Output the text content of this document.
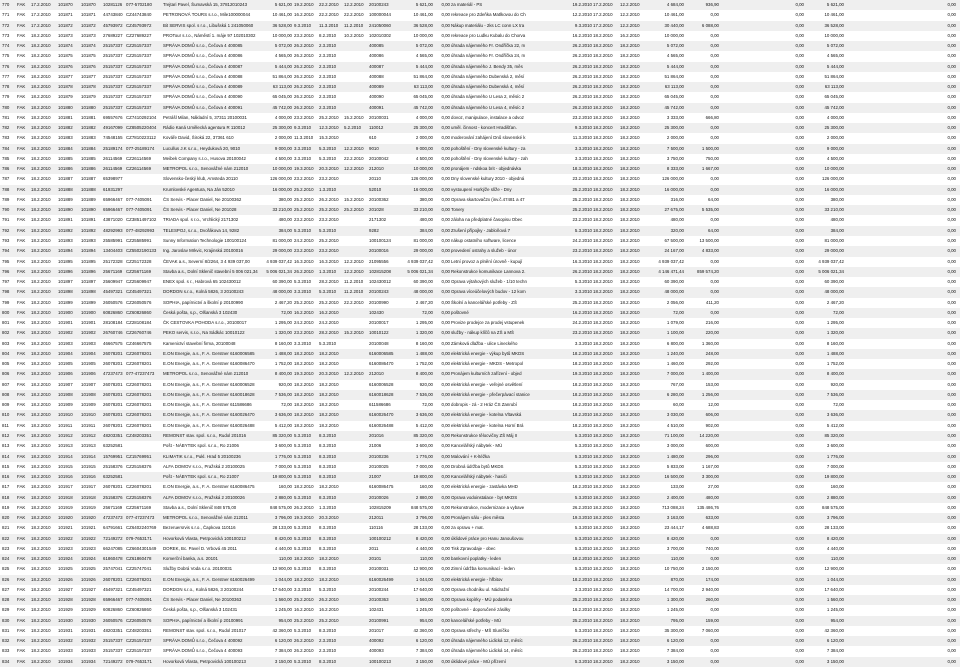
770	FAK	17.2.2010	101870	101870	10281126 077-5702180	Trejtari Pavel, Šumavská 15, 37812010243	5 621,00 19.2.2010	22.2.2010	12.2.2010	20100243	5 621,00	0,00 za materiál - PS	19.2.2010 17.2.2010	12.2.2010	4 684,00	936,90	0,00	5 621,00	0,00
771	FAK	17.2.2010	101871	101871	44743840 CZ44743840	PETRONOVÁ TOURS s.r.o., Mile100000044	10 461,00 16.2.2010	22.2.2010	22.2.2010	100000044	10 461,00	0,00 rekreace pro Zdeňka Matlkovou do Ch	12.2.2010 17.2.2010	12.2.2010	10 461,00	0,00	0,00	10 461,00	0,00
772	FAK	17.2.2010	101872	101872	45793972 CZ45793972	Bit SERVIS spol. s r.o., Libušská 1 241050060	36 528,00 9.3.2010	11.3.2010	11.2.2010	241050060	36 528,00	0,00 Nákup materiálu - 2ks LC conn LX tra	9.3.2010 17.2.2010	12.2.2010	30 440,00	6 088,00	0,00	36 528,00	0,00
773	FAK	18.2.2010	101873	101873	27689227 CZ27689227	PROTour s.r.o., Náměstí 1. máje 97 102010302	10 000,00 23.2.2010	8.2.2010	10.2.2010	102010302	10 000,00	0,00 rekreace pro Ludku Kubalu do Chorva	16.2.2010 18.2.2010	16.2.2010	10 000,00	0,00	0,00	10 000,00	0,00
774	FAK	18.2.2010	101874	101874	25157337 CZ25157337	SPRÁVA DOMŮ s.r.o., Čečova 4 400085	5 072,00 26.2.2010	2.3.2010	400085	5 072,00	0,00 úhrada nájemného Fr. Ondříčka 22, m	26.2.2010 18.2.2010	18.2.2010	5 072,00	0,00	0,00	5 072,00	0,00
775	FAK	18.2.2010	101875	101875	25157337 CZ25157337	SPRÁVA DOMŮ s.r.o., Čečova 4 400086	4 565,00 26.2.2010	2.3.2010	400086	4 565,00	0,00 úhrada nájemného Fr. Ondříčka 24, m	26.2.2010 18.2.2010	18.2.2010	4 565,00	0,00	0,00	4 565,00	0,00
776	FAK	18.2.2010	101876	101876	25157337 CZ25157337	SPRÁVA DOMŮ s.r.o., Čečova 4 400087	5 444,00 26.2.2010	2.3.2010	400087	5 444,00	0,00 úhrada nájemného J. Bendy 35, měs	26.2.2010 18.2.2010	18.2.2010	5 444,00	0,00	0,00	5 444,00	0,00
777	FAK	18.2.2010	101877	101877	25157337 CZ25157337	SPRÁVA DOMŮ s.r.o., Čečova 4 400088	51 864,00 26.2.2010	2.3.2010	400088	51 864,00	0,00 úhrada nájemného Dubenská 2, měsí	26.2.2010 18.2.2010	18.2.2010	51 864,00	0,00	0,00	51 864,00	0,00
778	FAK	18.2.2010	101878	101878	25157337 CZ25157337	SPRÁVA DOMŮ s.r.o., Čečova 4 400089	63 113,00 26.2.2010	2.3.2010	400089	63 113,00	0,00 úhrada nájemného Dubenská 4, měsí	26.2.2010 18.2.2010	18.2.2010	63 113,00	0,00	0,00	63 113,00	0,00
779	FAK	18.2.2010	101879	101879	25157337 CZ25157337	SPRÁVA DOMŮ s.r.o., Čečova 4 400090	65 045,00 26.2.2010	2.3.2010	400090	65 045,00	0,00 úhrada nájemného U Lesa 2, měsíc 2	26.2.2010 18.2.2010	18.2.2010	65 045,00	0,00	0,00	65 045,00	0,00
780	FAK	18.2.2010	101880	101880	25157337 CZ25157337	SPRÁVA DOMŮ s.r.o., Čečova 4 400091	45 742,00 26.2.2010	2.3.2010	400091	45 742,00	0,00 úhrada nájemného U Lesa 4, měsíc 2	26.2.2010 18.2.2010	18.2.2010	45 742,00	0,00	0,00	45 742,00	0,00
781	FAK	18.2.2010	101881	101881	69557676 CZ7410292104	Petrášl Milan, Nákladní 5, 37311 20100031	4 000,00 23.2.2010	25.2.2010	15.2.2010	20100031	4 000,00	0,00 dovoz, manipulace, instalace a odvoz	23.2.2010 18.2.2010	18.2.2010	3 333,00	666,80	0,00	4 000,00	0,00
782	FAK	18.2.2010	101882	101882	49167099 CZ8505220404	Rádio Kaná Umělecká agentura R 110012	25 300,00 9.3.2010	12.3.2010	5.2.2010	110012	25 300,00	0,00 uměl. činnost - koncert Hradišťan.	9.3.2010 18.2.2010	18.2.2010	25 300,00	0,00	0,00	25 300,00	0,00
783	FAK	18.2.2010	101883	101883	74548155 CZ7810223112	Kováře David, Široká 22, 37361 610	2 000,00 11.3.2010	15.3.2010	610	2 000,00	0,00 moderování zahájení Dnů slovenské k	11.3.2010 18.2.2010	18.2.2010	2 000,00	0,00	0,00	2 000,00	0,00
784	FAK	18.2.2010	101884	101884	25189174 077-25189174	Lucullus J.K s.r.o., Heyduková 20, 9010	9 000,00 3.3.2010	5.3.2010	12.2.2010	9010	9 000,00	0,00 pohoštění - Dny slovenské kultury - za	3.3.2010 18.2.2010	18.2.2010	7 500,00	1 500,00	0,00	9 000,00	0,00
785	FAK	18.2.2010	101885	101885	26114569 CZ26114569	Meibek Company s.r.o., Husova 20100042	4 500,00 3.3.2010	5.3.2010	22.2.2010	20100042	4 500,00	0,00 pohoštění - Dny slovenské kultury - zah	3.3.2010 18.2.2010	18.2.2010	3 750,00	750,00	0,00	4 500,00	0,00
786	FAK	18.2.2010	101886	101886	26114569 CZ26114569	METROPOL s.r.o., Senovážné nám 212010	10 000,00 19.3.2010	20.3.2010	12.2.2010	212010	10 000,00	0,00 pronájem - ndskoa brit - objednávka	18.3.2010 18.2.2010	18.2.2010	8 333,00	1 667,00	0,00	10 000,00	0,00
787	FAK	18.2.2010	101887	101887	65398977	Slovensko-český klub, Amsteda 20110	126 000,00 23.2.2010	23.2.2010	20110	126 000,00	0,00 Dny slovenské kultury 2010 - objedná	23.2.2010 18.2.2010	18.2.2010	126 000,00	0,00	0,00	126 000,00	0,00
788	FAK	18.2.2010	101888	101888	61931297	Krumlovské Agentura, Na Ján 52010	16 000,00 25.2.2010	1.3.2010	52010	16 000,00	0,00 vystoupení Horkýže slíže - Dny	25.2.2010 18.2.2010	18.2.2010	16 000,00	0,00	0,00	16 000,00	0,00
789	FAK	18.2.2010	101889	101889	65966467 077-7405091	ČS Servis - Placer Daniel, Ne 20100362	380,00 25.2.2010	26.2.2010	15.2.2010	20100362	380,00	0,00 Oprava skartovač2x (inv.č.47481 a 47	25.2.2010 18.2.2010	18.2.2010	316,00	64,00	0,00	380,00	0,00
790	FAK	18.2.2010	101890	101890	65966467 077-7405091	ČS Servis - Placer Daniel, Ne 201028	33 210,00 25.2.2010	25.2.2010	25.2.2010	201028	33 210,00	0,00 Tonery	25.2.2010 18.2.2010	18.2.2010	27 675,00	5 535,00	0,00	33 210,00	0,00
791	FAK	18.2.2010	101891	101891	43871020 CZ3851497102	TRIADA spol. s r.o., Vrchlický 2171302	480,00 23.2.2010	23.2.2010	2171302	480,00	0,00 záloha na předplatné časopisu Obec	23.2.2010 18.2.2010	18.2.2010	480,00	0,00	0,00	480,00	0,00
792	FAK	18.2.2010	101892	101892	48292993 077-48292993	TELESPOJ, s.r.o., Dvořákova 14, 9282	384,00 5.3.2010	5.3.2010	9282	384,00	0,00 Zrušení přípojky - Jabloňová 7	5.3.2010 18.2.2010	18.2.2010	320,00	64,00	0,00	384,00	0,00
793	FAK	18.2.2010	101893	101893	25585991 CZ25585991	Sunny Information Technologie 100100124	81 000,00 24.2.2010	25.2.2010	100100124	81 000,00	0,00 nákup ostatního software, licence	24.2.2010 18.2.2010	18.2.2010	67 500,00	13 500,00	0,00	81 000,00	0,00
794	FAK	18.2.2010	101894	101894	13404403 CZ5502190133	Ing. Jaroslav Mrkvic, Krajinská 20100016	29 000,00 23.2.2010	23.2.2010	20100016	29 000,00	0,00 provedení ostrahy a služeb - únor	23.2.2010 18.2.2010	18.2.2010	24 167,00	4 833,00	0,00	29 000,00	0,00
795	FAK	18.2.2010	101895	101895	25172328 CZ25172328	ČEVAK a.s., Severní 8/2264, 3 4 939 037,00	4 939 037,42 16.3.2010	16.3.2010	12.2.2010	21095556	4 939 037,42	0,00 Letní provoz a plnění úrovně - kupují	16.3.2010 18.2.2010	18.2.2010	4 939 037,42	0,00	0,00	4 939 037,42	0,00
796	FAK	18.2.2010	101896	101896	25671169 CZ25671169	Stavba a.s., Dolní Sklenič stavební 5 006 021,34	5 006 021,34 26.2.2010	1.3.2010	12.2.2010	102815208	5 006 021,34	0,00 Rekonstrukce komunikace Lannova 2.	26.2.2010 18.2.2010	18.2.2010	4 146 471,44	859 574,20	0,00	5 006 021,34	0,00
797	FAK	18.2.2010	101897	101897	25609947 CZ25609947	ENEX spol. s r., Habrová 65 102430012	60 390,00 5.3.2010	28.2.2010	11.2.2010	102430012	60 390,00	0,00 Oprava výtahových služeb - 1/10 techn	5.3.2010 18.2.2010	18.2.2010	60 390,00	0,00	0,00	60 390,00	0,00
798	FAK	18.2.2010	101898	101898	45497321 CZ45497321	DORDON s.r.o., Kolná 5826, 3 20100243	48 000,00 3.3.2010	5.3.2010	11.2.2010	20100243	48 000,00	0,00 Oprava víceúčelových budov - 12 kom	3.3.2010 18.2.2010	18.2.2010	48 000,00	0,00	0,00	48 000,00	0,00
799	FAK	18.2.2010	101899	101899	26050576 CZ26050576	SOPHIA, papírnictví a školní p 20100990	2 467,20 25.2.2010	25.2.2010	22.2.2010	20100990	2 467,20	0,00 Školní a kancelářské potřeby - ZŠ	25.2.2010 18.2.2010	18.2.2010	2 056,00	411,20	0,00	2 467,20	0,00
800	FAK	18.2.2010	101900	101900	60826860 CZ60826860	Česká pošta, s.p., Olšanská 3 102430	72,00 16.2.2010	16.2.2010	102430	72,00	0,00 poštovné	16.2.2010 18.2.2010	18.2.2010	72,00	0,00	0,00	72,00	0,00
801	FAK	18.2.2010	101901	101901	28108184 CZ28108184	ČK CESTOVKA POHODA s.r.o., 20100017	1 295,00 24.2.2010	24.2.2010	20100017	1 295,00	0,00 Provize prodejce za prodej vstupenek	24.2.2010 18.2.2010	18.2.2010	1 079,00	216,00	0,00	1 295,00	0,00
802	FAK	18.2.2010	101902	101902	26760746 CZ26760746	PEKO servis, s.r.o., Na Sádkác 10010122	1 320,00 23.2.2010	28.2.2010	15.2.2010	10010122	1 320,00	0,00 služby - nákup klíčů na ZŠ a MŠ	23.2.2010 18.2.2010	18.2.2010	1 100,00	220,00	0,00	1 320,00	0,00
803	FAK	18.2.2010	101903	101903	46667575 CZ46667575	Kamenictví stavební firma, 20100048	8 160,00 3.3.2010	5.3.2010	20100048	8 160,00	0,00 Zámková dlažba - ulice Lineckého	3.3.2010 18.2.2010	18.2.2010	6 800,00	1 360,00	0,00	8 160,00	0,00
804	FAK	18.2.2010	101904	101904	26078201 CZ26078201	E.ON Energie, a.s., F. A. Gerstner 6160006585	1 488,00 18.2.2010	18.2.2010	6160006585	1 488,00	0,00 elektrická energie - výkup bytů MKDS	18.2.2010 18.2.2010	18.2.2010	1 240,00	248,00	0,00	1 488,00	0,00
805	FAK	18.2.2010	101905	101905	26078201 CZ26078201	E.ON Energie, a.s., F. A. Gerstner 6160086470	1 752,00 18.2.2010	18.2.2010	6160086470	1 752,00	0,00 elektrická energie - MKDS - Metropol	18.2.2010 18.2.2010	18.2.2010	1 460,00	292,00	0,00	1 752,00	0,00
806	FAK	18.2.2010	101906	101906	47237473 077-47237473	METROPOL s.r.o., Senovážné nám 212010	8 400,00 19.3.2010	20.3.2010	12.2.2010	212010	8 400,00	0,00 Pronájem kulturních zařízení - objed	19.3.2010 18.2.2010	18.2.2010	7 000,00	1 400,00	0,00	8 400,00	0,00
807	FAK	18.2.2010	101907	101907	26078201 CZ26078201	E.ON Energie, a.s., F. A. Gerstner 6160006528	920,00 18.2.2010	18.2.2010	6160006528	920,00	0,00 elektrická energie - veřejné osvětlení	18.2.2010 18.2.2010	18.2.2010	767,00	153,00	0,00	920,00	0,00
808	FAK	18.2.2010	101908	101908	26078201 CZ26078201	E.ON Energie, a.s., F. A. Gerstner 6160018628	7 536,00 18.2.2010	18.2.2010	6160018628	7 536,00	0,00 elektrická energie - přečerpávací stanice	18.2.2010 18.2.2010	18.2.2010	6 280,00	1 256,00	0,00	7 536,00	0,00
809	FAK	18.2.2010	101909	101909	26078201 CZ26078201	E.ON Energie, a.s., F. A. Gerstner 611586686	72,00 18.2.2010	18.2.2010	611586686	72,00	0,00 dobropis - zá - 2 Hráz ČS Zanrubí	18.2.2010 18.2.2010	18.2.2010	60,00	12,00	0,00	72,00	0,00
810	FAK	18.2.2010	101910	101910	26078201 CZ26078201	E.ON Energie, a.s., F. A. Gerstner 6160026470	3 636,00 18.2.2010	18.2.2010	6160026470	3 636,00	0,00 elektrická energie - kotelna Vltavská	18.2.2010 18.2.2010	18.2.2010	3 030,00	606,00	0,00	3 636,00	0,00
811	FAK	18.2.2010	101911	101911	26078201 CZ26078201	E.ON Energie, a.s., F. A. Gerstner 6160026488	5 412,00 18.2.2010	18.2.2010	6160026488	5 412,00	0,00 elektrická energie - kotelna Horní Brá	18.2.2010 18.2.2010	18.2.2010	4 510,00	902,00	0,00	5 412,00	0,00
812	FAK	18.2.2010	101912	101912	48203351 CZ48203351	REMONST stav. spol. s.r.o., Rudol 201016	85 320,00 5.3.2010	8.3.2010	201016	85 320,00	0,00 Rekonstrukce tělocvičny ZŠ Máj II	5.3.2010 18.2.2010	18.2.2010	71 100,00	14 220,00	0,00	85 320,00	0,00
813	FAK	18.2.2010	101913	101913	63252581	Pošt - NÁBYTEK spol. s.r.o., Ro 21006	3 600,00 5.3.2010	8.3.2010	21006	3 600,00	0,00 Kancelářský nábytek - MÚ	5.3.2010 18.2.2010	18.2.2010	3 000,00	600,00	0,00	3 600,00	0,00
814	FAK	18.2.2010	101914	101914	15769951 CZ15769951	KLIMATIK s.r.o., Pukl. Hrad 5 20100236	1 776,00 5.3.2010	8.3.2010	20100236	1 776,00	0,00 Malování + K-ltéžka	5.3.2010 18.2.2010	18.2.2010	1 480,00	296,00	0,00	1 776,00	0,00
815	FAK	18.2.2010	101915	101915	25158376 CZ25158376	ALFA DOMOV s.r.o., Pražská 2 20100025	7 000,00 5.3.2010	8.3.2010	20100025	7 000,00	0,00 Drobná údržba bytů MKDS	5.3.2010 18.2.2010	18.2.2010	5 833,00	1 167,00	0,00	7 000,00	0,00
816	FAK	18.2.2010	101916	101916	63252581	Pošt - NÁBYTEK spol. s.r.o., Ro 21007	19 800,00 5.3.2010	8.3.2010	21007	19 800,00	0,00 Kancelářský nábytek - hasiči	5.3.2010 18.2.2010	18.2.2010	16 500,00	3 300,00	0,00	19 800,00	0,00
817	FAK	18.2.2010	101917	101917	26078201 CZ26078201	E.ON Energie, a.s., F. A. Gerstner 6160086475	160,00 18.2.2010	18.2.2010	6160086475	160,00	0,00 elektrická energie - zastávka MHD	18.2.2010 18.2.2010	18.2.2010	133,00	27,00	0,00	160,00	0,00
818	FAK	18.2.2010	101918	101918	25158376 CZ25158376	ALFA DOMOV s.r.o., Pražská 2 20100026	2 880,00 5.3.2010	8.3.2010	20100026	2 880,00	0,00 Oprava vodoinstalace - byt MKDS	5.3.2010 18.2.2010	18.2.2010	2 400,00	480,00	0,00	2 880,00	0,00
819	FAK	18.2.2010	101919	101919	25671169 CZ25671169	Stavba a.s., Dolní Sklenič 848 575,00	848 575,00 26.2.2010	1.3.2010	102815209	848 575,00	0,00 Rekonstrukce, modernizace a vybave	26.2.2010 18.2.2010	18.2.2010	713 088,24	135 486,76	0,00	848 575,00	0,00
820	FAK	18.2.2010	101920	101920	47237473 077-47237473	METROPOL s.r.o., Senovážné nám 212011	3 796,00 19.3.2010	20.3.2010	212011	3 796,00	0,00 Pronájem sálu - ples města	19.3.2010 18.2.2010	18.2.2010	3 163,00	633,00	0,00	3 796,00	0,00
821	FAK	18.2.2010	101921	101921	64791661 CZ6402240769	Bezeruersrvis s.r.o., Čapkova 110116	28 133,00 5.3.2010	8.3.2010	110116	28 133,00	0,00 za opravu + mat.	5.3.2010 18.2.2010	18.2.2010	23 444,17	4 688,83	0,00	28 133,00	0,00
822	FAK	18.2.2010	101922	101922	72149272 079-7653171	Hovorková Vlasta, Petrpovická 100100212	8 420,00 5.3.2010	8.3.2010	100100212	8 420,00	0,00 úklidové práce pro Hanu Janoušovou	5.3.2010 18.2.2010	18.2.2010	8 420,00	0,00	0,00	8 420,00	0,00
823	FAK	18.2.2010	101923	101923	66247085 CZ6604301549	DOREK, Bc. Pavel D. Vrbová 45 2011	4 440,00 5.3.2010	8.3.2010	2011	4 440,00	0,00 Tisk Zpravodaje - obec	5.3.2010 18.2.2010	18.2.2010	3 700,00	740,00	0,00	4 440,00	0,00
824	FAK	18.2.2010	101924	101924	61860478 CZ61860478	Komerční banka, a.s. 20101	110,00 18.2.2010	18.2.2010	20101	110,00	0,00 bankovní poplatky - leden	18.2.2010 18.2.2010	18.2.2010	110,00	0,00	0,00	110,00	0,00
825	FAK	18.2.2010	101925	101925	25747041 CZ25747041	Služby Dobrá Voda s.r.o. 20100031	12 900,00 5.3.2010	8.3.2010	20100031	12 900,00	0,00 Zimní údržba komunikací - leden	5.3.2010 18.2.2010	18.2.2010	10 750,00	2 150,00	0,00	12 900,00	0,00
826	FAK	18.2.2010	101926	101926	26078201 CZ26078201	E.ON Energie, a.s., F. A. Gerstner 6160026499	1 044,00 18.2.2010	18.2.2010	6160026499	1 044,00	0,00 elektrická energie - hřbitov	18.2.2010 18.2.2010	18.2.2010	870,00	174,00	0,00	1 044,00	0,00
827	FAK	18.2.2010	101927	101927	45497321 CZ45497321	DORDON s.r.o., Kolná 5826, 3 20100244	17 640,00 3.3.2010	5.3.2010	20100244	17 640,00	0,00 Oprava chodníku ul. Nádražní	3.3.2010 18.2.2010	18.2.2010	14 700,00	2 940,00	0,00	17 640,00	0,00
828	FAK	18.2.2010	101928	101928	65966467 077-7405091	ČS Servis - Placer Daniel, Ne 20100363	1 560,00 25.2.2010	26.2.2010	20100363	1 560,00	0,00 Oprava kopírky - MÚ podatelna	25.2.2010 18.2.2010	18.2.2010	1 300,00	260,00	0,00	1 560,00	0,00
829	FAK	18.2.2010	101929	101929	60826860 CZ60826860	Česká pošta, s.p., Olšanská 3 102431	1 245,00 16.2.2010	16.2.2010	102431	1 245,00	0,00 poštovné - doporučené zásilky	16.2.2010 18.2.2010	18.2.2010	1 245,00	0,00	0,00	1 245,00	0,00
830	FAK	18.2.2010	101930	101930	26050576 CZ26050576	SOPHIA, papírnictví a školní p 20100991	954,00 25.2.2010	25.2.2010	20100991	954,00	0,00 kancelářské potřeby - MÚ	25.2.2010 18.2.2010	18.2.2010	795,00	159,00	0,00	954,00	0,00
831	FAK	18.2.2010	101931	101931	48203351 CZ48203351	REMONST stav. spol. s.r.o., Rudol 201017	42 360,00 5.3.2010	8.3.2010	201017	42 360,00	0,00 Oprava střechy - MŠ Sluníčko	5.3.2010 18.2.2010	18.2.2010	35 300,00	7 060,00	0,00	42 360,00	0,00
832	FAK	18.2.2010	101932	101932	25157337 CZ25157337	SPRÁVA DOMŮ s.r.o., Čečova 4 400092	6 120,00 26.2.2010	2.3.2010	400092	6 120,00	0,00 úhrada nájemného Lidická 12, měsíc	26.2.2010 18.2.2010	18.2.2010	6 120,00	0,00	0,00	6 120,00	0,00
833	FAK	18.2.2010	101933	101933	25157337 CZ25157337	SPRÁVA DOMŮ s.r.o., Čečova 4 400093	7 384,00 26.2.2010	2.3.2010	400093	7 384,00	0,00 úhrada nájemného Lidická 14, měsíc	26.2.2010 18.2.2010	18.2.2010	7 384,00	0,00	0,00	7 384,00	0,00
834	FAK	18.2.2010	101934	101934	72149272 079-7653171	Hovorková Vlasta, Petrpovická 100100213	3 150,00 5.3.2010	8.3.2010	100100213	3 150,00	0,00 úklidové práce - MÚ přízemí	5.3.2010 18.2.2010	18.2.2010	3 150,00	0,00	0,00	3 150,00	0,00
